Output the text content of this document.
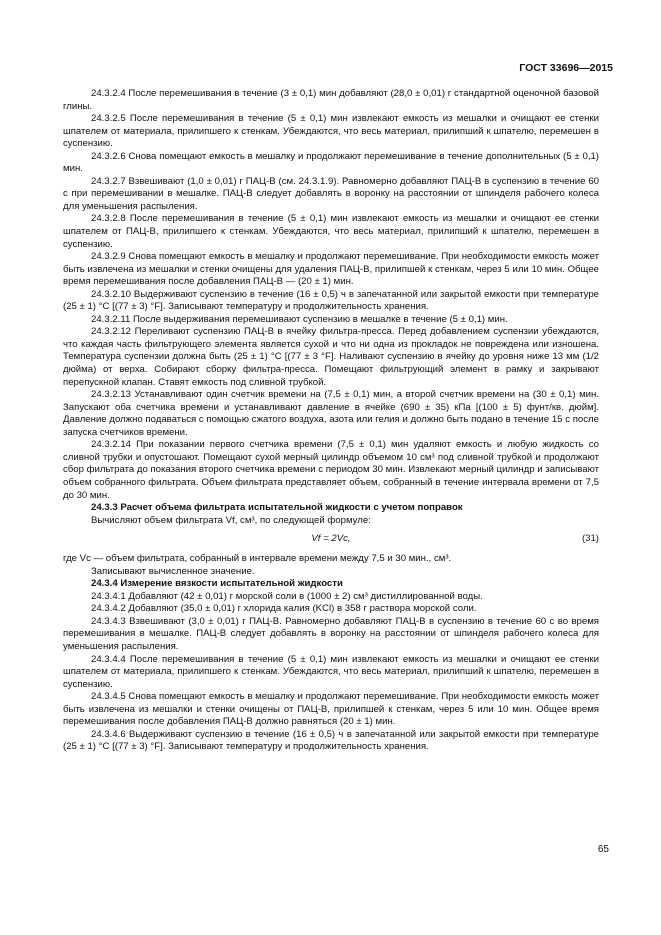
ГОСТ 33696—2015

24.3.2.4 После перемешивания в течение (3 ± 0,1) мин добавляют (28,0 ± 0,01) г стандартной оценочной базовой глины.

24.3.2.5 После перемешивания в течение (5 ± 0,1) мин извлекают емкость из мешалки и очищают ее стенки шпателем от материала, прилипшего к стенкам. Убеждаются, что весь материал, прилипший к шпателю, перемешен в суспензию.

24.3.2.6 Снова помещают емкость в мешалку и продолжают перемешивание в течение дополнительных (5 ± 0,1) мин.

24.3.2.7 Взвешивают (1,0 ± 0,01) г ПАЦ-В (см. 24.3.1.9). Равномерно добавляют ПАЦ-В в суспензию в течение 60 с при перемешивании в мешалке. ПАЦ-В следует добавлять в воронку на расстоянии от шпинделя рабочего колеса для уменьшения распыления.

24.3.2.8 После перемешивания в течение (5 ± 0,1) мин извлекают емкость из мешалки и очищают ее стенки шпателем от ПАЦ-В, прилипшего к стенкам. Убеждаются, что весь материал, прилипший к шпателю, перемешен в суспензию.

24.3.2.9 Снова помещают емкость в мешалку и продолжают перемешивание. При необходимости емкость может быть извлечена из мешалки и стенки очищены для удаления ПАЦ-В, прилипшей к стенкам, через 5 или 10 мин. Общее время перемешивания после добавления ПАЦ-В — (20 ± 1) мин.

24.3.2.10 Выдерживают суспензию в течение (16 ± 0,5) ч в запечатанной или закрытой емкости при температуре (25 ± 1) °С [(77 ± 3) °F]. Записывают температуру и продолжительность хранения.

24.3.2.11 После выдерживания перемешивают суспензию в мешалке в течение (5 ± 0,1) мин.

24.3.2.12 Переливают суспензию ПАЦ-В в ячейку фильтра-пресса. Перед добавлением суспензии убеждаются, что каждая часть фильтрующего элемента является сухой и что ни одна из прокладок не повреждена или изношена. Температура суспензии должна быть (25 ± 1) °С [(77 ± 3 °F]. Наливают суспензию в ячейку до уровня ниже 13 мм (1/2 дюйма) от верха. Собирают сборку фильтра-пресса. Помещают фильтрующий элемент в рамку и закрывают перепускной клапан. Ставят емкость под сливной трубкой.

24.3.2.13 Устанавливают один счетчик времени на (7,5 ± 0,1) мин, а второй счетчик времени на (30 ± 0,1) мин. Запускают оба счетчика времени и устанавливают давление в ячейке (690 ± 35) кПа [(100 ± 5) фунт/кв. дюйм]. Давление должно подаваться с помощью сжатого воздуха, азота или гелия и должно быть подано в течение 15 с после запуска счетчиков времени.

24.3.2.14 При показании первого счетчика времени (7,5 ± 0,1) мин удаляют емкость и любую жидкость со сливной трубки и опустошают. Помещают сухой мерный цилиндр объемом 10 см³ под сливной трубкой и продолжают сбор фильтрата до показания второго счетчика времени с периодом 30 мин. Извлекают мерный цилиндр и записывают объем собранного фильтрата. Объем фильтрата представляет объем, собранный в течение интервала времени от 7,5 до 30 мин.

24.3.3 Расчет объема фильтрата испытательной жидкости с учетом поправок

Вычисляют объем фильтрата Vf, см³, по следующей формуле:

Vf = 2Vc,	(31)

где Vc — объем фильтрата, собранный в интервале времени между 7,5 и 30 мин., см³.

Записывают вычисленное значение.

24.3.4 Измерение вязкости испытательной жидкости

24.3.4.1 Добавляют (42 ± 0,01) г морской соли в (1000 ± 2) см³ дистиллированной воды.

24.3.4.2 Добавляют (35,0 ± 0,01) г хлорида калия (KCl) в 358 г раствора морской соли.

24.3.4.3 Взвешивают (3,0 ± 0,01) г ПАЦ-В. Равномерно добавляют ПАЦ-В в суспензию в течение 60 с во время перемешивания в мешалке. ПАЦ-В следует добавлять в воронку на расстоянии от шпинделя рабочего колеса для уменьшения распыления.

24.3.4.4 После перемешивания в течение (5 ± 0,1) мин извлекают емкость из мешалки и очищают ее стенки шпателем от материала, прилипшего к стенкам. Убеждаются, что весь материал, прилипший к шпателю, перемешен в суспензию.

24.3.4.5 Снова помещают емкость в мешалку и продолжают перемешивание. При необходимости емкость может быть извлечена из мешалки и стенки очищены от ПАЦ-В, прилипшей к стенкам, через 5 или 10 мин. Общее время перемешивания после добавления ПАЦ-В должно равняться (20 ± 1) мин.

24.3.4.6 Выдерживают суспензию в течение (16 ± 0,5) ч в запечатанной или закрытой емкости при температуре (25 ± 1) °С [(77 ± 3) °F]. Записывают температуру и продолжительность хранения.

65
